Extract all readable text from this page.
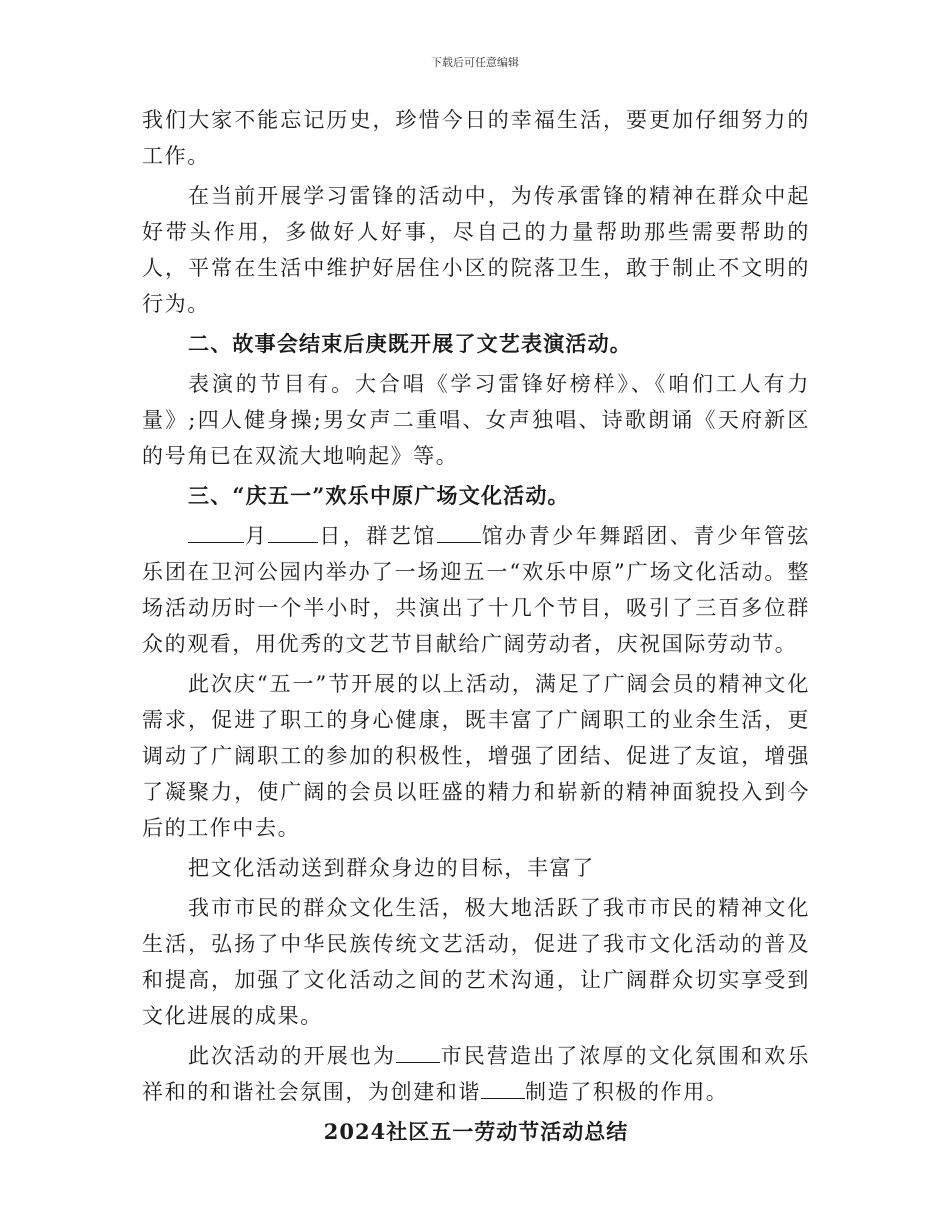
下载后可任意编辑

我们大家不能忘记历史，珍惜今日的幸福生活，要更加仔细努力的工作。

在当前开展学习雷锋的活动中，为传承雷锋的精神在群众中起好带头作用，多做好人好事，尽自己的力量帮助那些需要帮助的人，平常在生活中维护好居住小区的院落卫生，敢于制止不文明的行为。

二、故事会结束后庚既开展了文艺表演活动。

表演的节目有。大合唱《学习雷锋好榜样》、《咱们工人有力量》;四人健身操;男女声二重唱、女声独唱、诗歌朗诵《天府新区的号角已在双流大地响起》等。

三、“庆五一”欢乐中原广场文化活动。

月 日，群艺馆 馆办青少年舞蹈团、青少年管弦乐团在卫河公园内举办了一场迎五一“欢乐中原”广场文化活动。整场活动历时一个半小时，共演出了十几个节目，吸引了三百多位群众的观看，用优秀的文艺节目献给广阔劳动者，庆祝国际劳动节。

此次庆“五一”节开展的以上活动，满足了广阔会员的精神文化需求，促进了职工的身心健康，既丰富了广阔职工的业余生活，更调动了广阔职工的参加的积极性，增强了团结、促进了友谊，增强了凝聚力，使广阔的会员以旺盛的精力和崭新的精神面貌投入到今后的工作中去。

把文化活动送到群众身边的目标，丰富了

我市市民的群众文化生活，极大地活跃了我市市民的精神文化生活，弘扬了中华民族传统文艺活动，促进了我市文化活动的普及和提高，加强了文化活动之间的艺术沟通，让广阔群众切实享受到文化进展的成果。

此次活动的开展也为 市民营造出了浓厚的文化氛围和欢乐祥和的和谐社会氛围，为创建和谐 制造了积极的作用。

2024社区五一劳动节活动总结
